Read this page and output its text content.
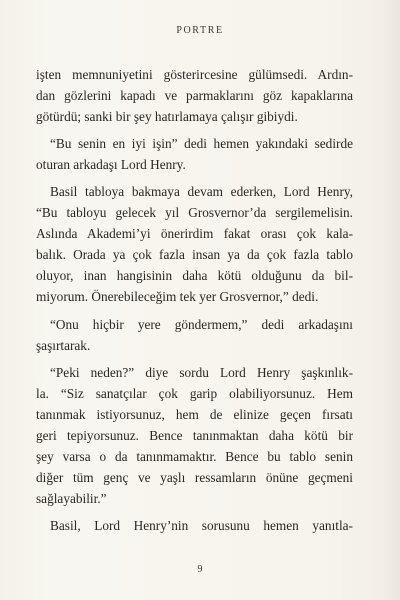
PORTRE
işten memnuniyetini gösterircesine gülümsedi. Ardın-
dan gözlerini kapadı ve parmaklarını göz kapaklarına
götürdü; sanki bir şey hatırlamaya çalışır gibiydi.
“Bu senin en iyi işin” dedi hemen yakındaki sedirde
oturan arkadaşı Lord Henry.
Basil tabloya bakmaya devam ederken, Lord Henry,
“Bu tabloyu gelecek yıl Grosvernor’da sergilemelisin.
Aslında Akademi’yi önerirdim fakat orası çok kala-
balık. Orada ya çok fazla insan ya da çok fazla tablo
oluyor, inan hangisinin daha kötü olduğunu da bil-
miyorum. Önerebileceğim tek yer Grosvernor,” dedi.
“Onu hiçbir yere göndermem,” dedi arkadaşını
şaşırtarak.
“Peki neden?” diye sordu Lord Henry şaşkınlık-
la. “Siz sanatçılar çok garip olabiliyorsunuz. Hem
tanınmak istiyorsunuz, hem de elinize geçen fırsatı
geri tepiyorsunuz. Bence tanınmaktan daha kötü bir
şey varsa o da tanınmamaktır. Bence bu tablo senin
diğer tüm genç ve yaşlı ressamların önüne geçmeni
sağlayabilir.”
Basil, Lord Henry’nin sorusunu hemen yanıtla-
9
